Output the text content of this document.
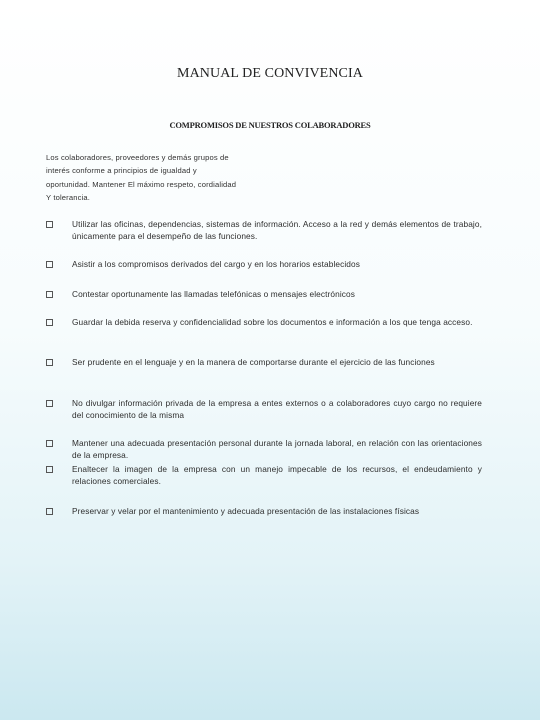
MANUAL DE CONVIVENCIA
COMPROMISOS DE NUESTROS COLABORADORES
Los colaboradores, proveedores y demás grupos de
interés conforme a principios de igualdad y
oportunidad. Mantener El máximo respeto, cordialidad
Y tolerancia.
Utilizar las oficinas, dependencias, sistemas de información. Acceso a la red y demás elementos de trabajo, únicamente para el desempeño de las funciones.
Asistir a los compromisos derivados del cargo y en los horarios establecidos
Contestar oportunamente las llamadas telefónicas o mensajes electrónicos
Guardar la debida reserva y confidencialidad sobre los documentos e información a los que tenga acceso.
Ser prudente en el lenguaje y en la manera de comportarse durante el ejercicio de las funciones
No divulgar información privada de la empresa a entes externos o a colaboradores cuyo cargo no requiere del conocimiento de la misma
Mantener una adecuada presentación personal durante la jornada laboral, en relación con las orientaciones de la empresa.
Enaltecer la imagen de la empresa con un manejo impecable de los recursos, el endeudamiento y relaciones comerciales.
Preservar y velar por el mantenimiento y adecuada presentación de las instalaciones físicas
